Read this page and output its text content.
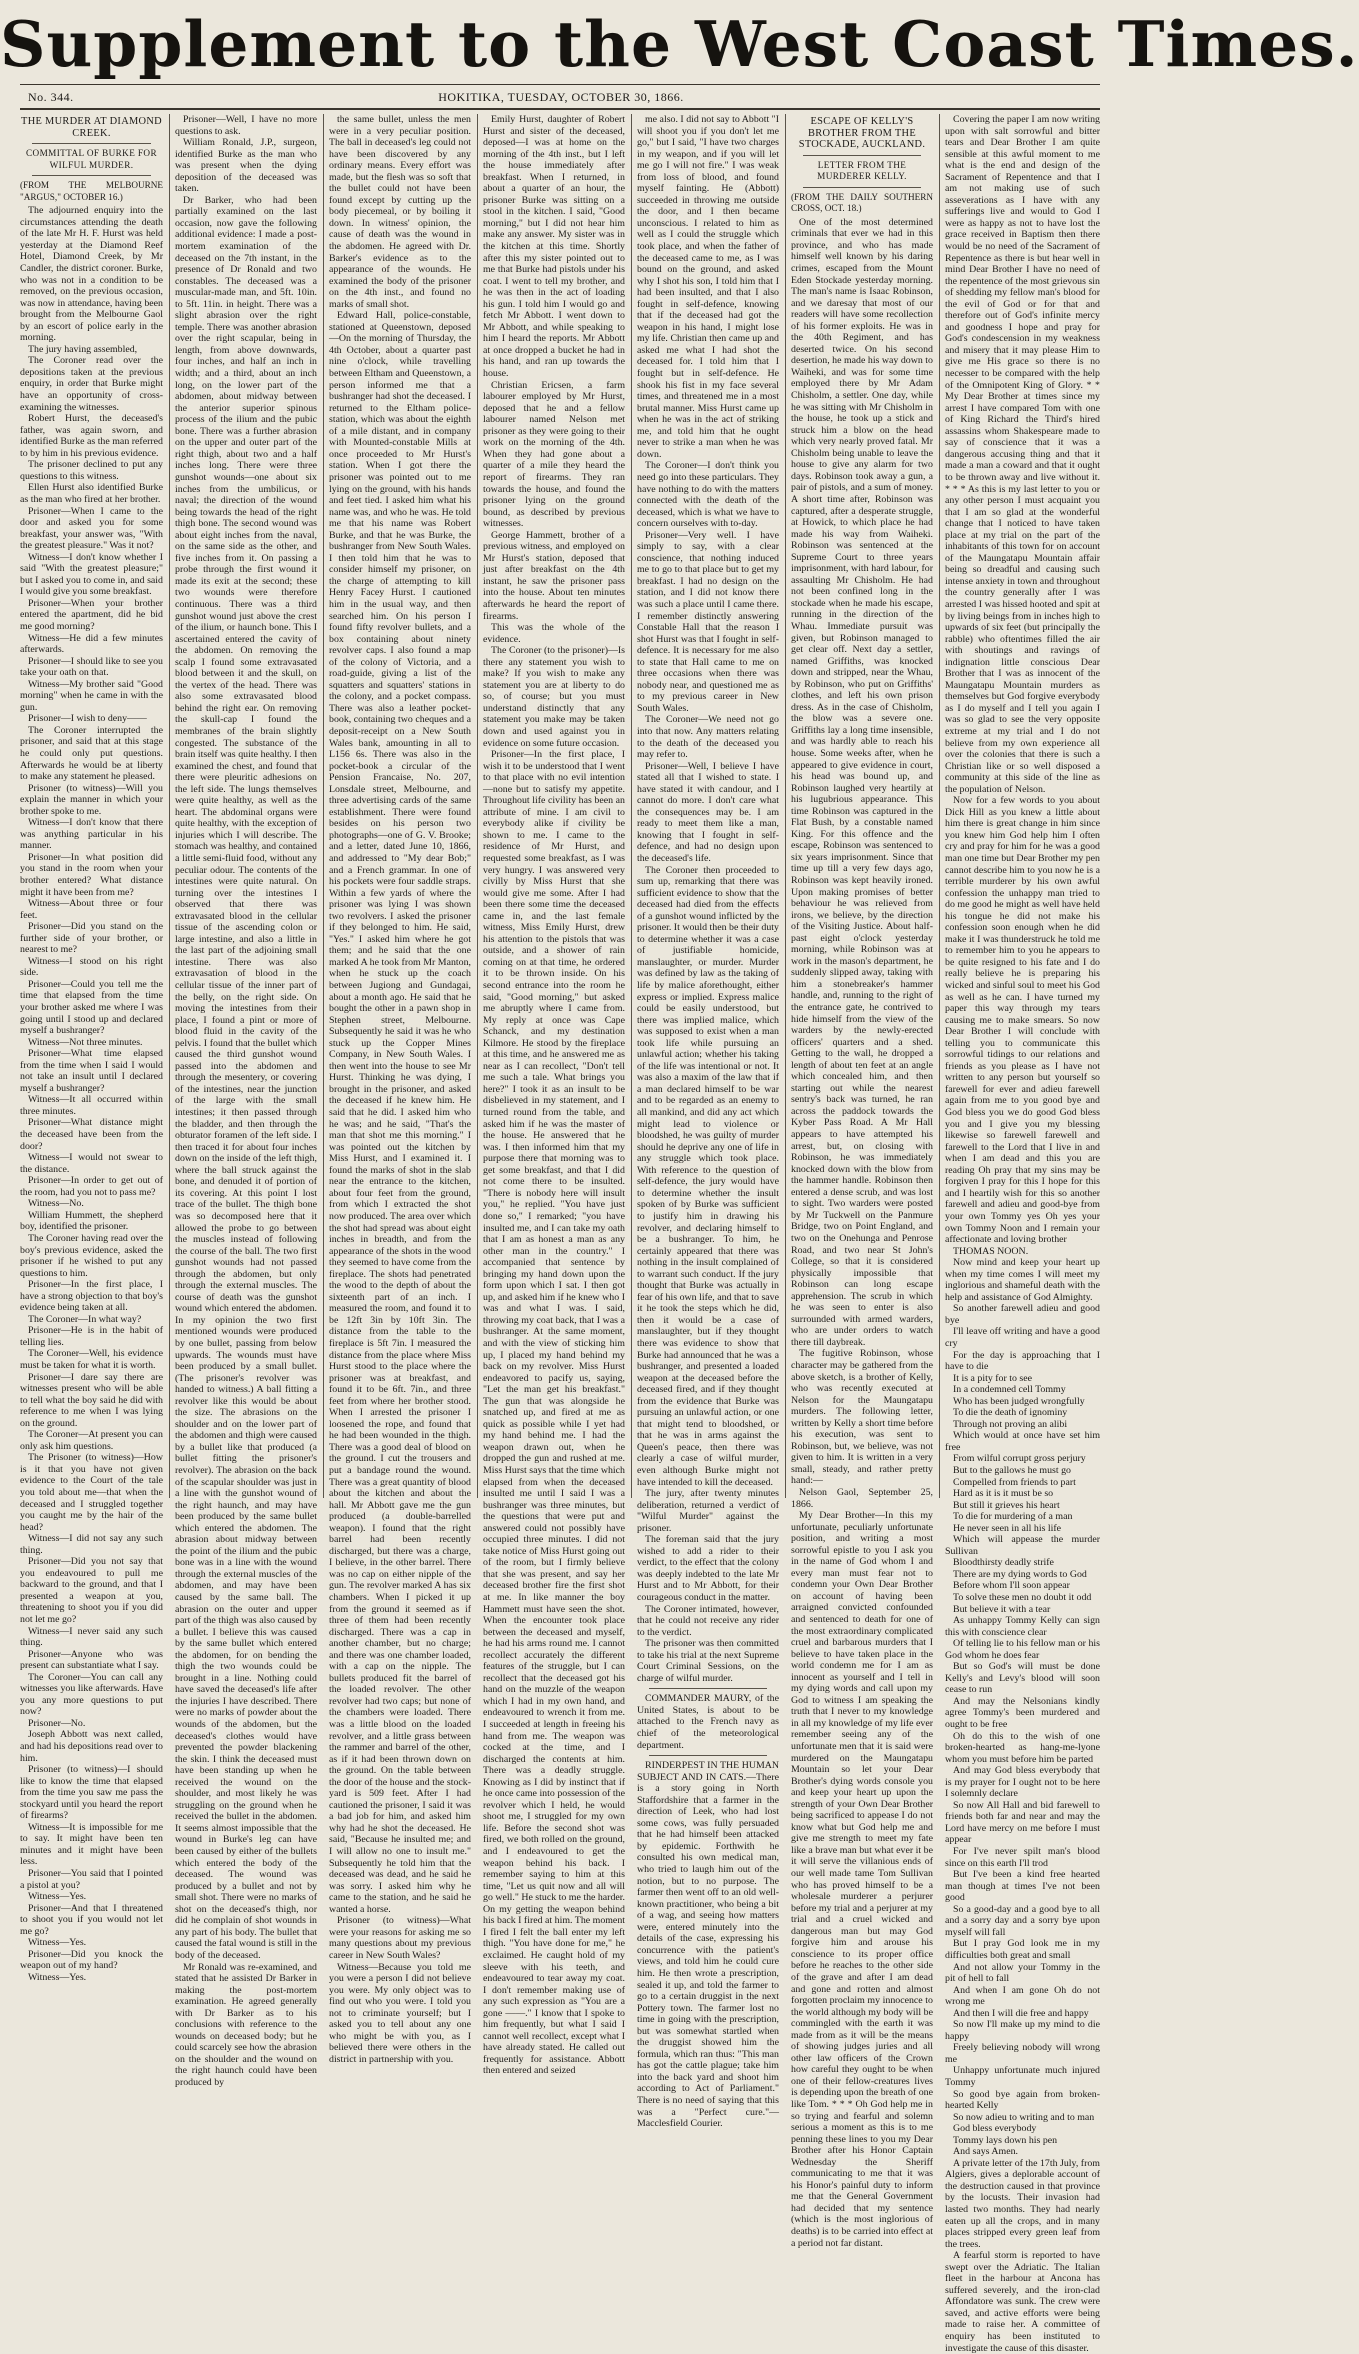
Supplement to the West Coast Times.
No. 344.	HOKITIKA, TUESDAY, OCTOBER 30, 1866.

THE MURDER AT DIAMOND CREEK.

COMMITTAL OF BURKE FOR WILFUL MURDER.

(FROM THE MELBOURNE "ARGUS," OCTOBER 16.)

The adjourned enquiry into the circumstances attending the death of the late Mr H. F. Hurst was held yesterday at the Diamond Reef Hotel, Diamond Creek, by Mr Candler, the district coroner. Burke, who was not in a condition to be removed, on the previous occasion, was now in attendance, having been brought from the Melbourne Gaol by an escort of police early in the morning.

The jury having assembled,

The Coroner read over the depositions taken at the previous enquiry, in order that Burke might have an opportunity of cross-examining the witnesses.

Robert Hurst, the deceased's father, was again sworn, and identified Burke as the man referred to by him in his previous evidence.

The prisoner declined to put any questions to this witness.

Ellen Hurst also identified Burke as the man who fired at her brother.

Prisoner—When I came to the door and asked you for some breakfast, your answer was, "With the greatest pleasure." Was it not?

Witness—I don't know whether I said "With the greatest pleasure;" but I asked you to come in, and said I would give you some breakfast.

Prisoner—When your brother entered the apartment, did he bid me good morning?

Witness—He did a few minutes afterwards.

Prisoner—I should like to see you take your oath on that.

Witness—My brother said "Good morning" when he came in with the gun.

Prisoner—I wish to deny——

The Coroner interrupted the prisoner, and said that at this stage he could only put questions. Afterwards he would be at liberty to make any statement he pleased.

Prisoner (to witness)—Will you explain the manner in which your brother spoke to me.

Witness—I don't know that there was anything particular in his manner.

Prisoner—In what position did you stand in the room when your brother entered? What distance might it have been from me?

Witness—About three or four feet.

Prisoner—Did you stand on the further side of your brother, or nearest to me?

Witness—I stood on his right side.

Prisoner—Could you tell me the time that elapsed from the time your brother asked me where I was going until I stood up and declared myself a bushranger?

Witness—Not three minutes.

Prisoner—What time elapsed from the time when I said I would not take an insult until I declared myself a bushranger?

Witness—It all occurred within three minutes.

Prisoner—What distance might the deceased have been from the door?

Witness—I would not swear to the distance.

Prisoner—In order to get out of the room, had you not to pass me?

Witness—No.

William Hummett, the shepherd boy, identified the prisoner.

The Coroner having read over the boy's previous evidence, asked the prisoner if he wished to put any questions to him.

Prisoner—In the first place, I have a strong objection to that boy's evidence being taken at all.

The Coroner—In what way?

Prisoner—He is in the habit of telling lies.

The Coroner—Well, his evidence must be taken for what it is worth.

Prisoner—I dare say there are witnesses present who will be able to tell what the boy said he did with reference to me when I was lying on the ground.

The Coroner—At present you can only ask him questions.

The Prisoner (to witness)—How is it that you have not given evidence to the Court of the tale you told about me—that when the deceased and I struggled together you caught me by the hair of the head?

Witness—I did not say any such thing.

Prisoner—Did you not say that you endeavoured to pull me backward to the ground, and that I presented a weapon at you, threatening to shoot you if you did not let me go?

Witness—I never said any such thing.

Prisoner—Anyone who was present can substantiate what I say.

The Coroner—You can call any witnesses you like afterwards. Have you any more questions to put now?

Prisoner—No.

Joseph Abbott was next called, and had his depositions read over to him.

Prisoner (to witness)—I should like to know the time that elapsed from the time you saw me pass the stockyard until you heard the report of firearms?

Witness—It is impossible for me to say. It might have been ten minutes and it might have been less.

Prisoner—You said that I pointed a pistol at you?

Witness—Yes.

Prisoner—And that I threatened to shoot you if you would not let me go?

Witness—Yes.

Prisoner—Did you knock the weapon out of my hand?

Witness—Yes.

Prisoner—Well, I have no more questions to ask.

William Ronald, J.P., surgeon, identified Burke as the man who was present when the dying deposition of the deceased was taken.

Dr Barker, who had been partially examined on the last occasion, now gave the following additional evidence: I made a post-mortem examination of the deceased on the 7th instant, in the presence of Dr Ronald and two constables. The deceased was a muscular-made man, and 5ft. 10in. to 5ft. 11in. in height. There was a slight abrasion over the right temple. There was another abrasion over the right scapular, being in length, from above downwards, four inches, and half an inch in width; and a third, about an inch long, on the lower part of the abdomen, about midway between the anterior superior spinous process of the ilium and the pubic bone. There was a further abrasion on the upper and outer part of the right thigh, about two and a half inches long. There were three gunshot wounds—one about six inches from the umbilicus, or naval; the direction of the wound being towards the head of the right thigh bone. The second wound was about eight inches from the naval, on the same side as the other, and five inches from it. On passing a probe through the first wound it made its exit at the second; these two wounds were therefore continuous. There was a third gunshot wound just above the crest of the ilium, or haunch bone. This I ascertained entered the cavity of the abdomen. On removing the scalp I found some extravasated blood between it and the skull, on the vertex of the head. There was also some extravasated blood behind the right ear. On removing the skull-cap I found the membranes of the brain slightly congested. The substance of the brain itself was quite healthy. I then examined the chest, and found that there were pleuritic adhesions on the left side. The lungs themselves were quite healthy, as well as the heart. The abdominal organs were quite healthy, with the exception of injuries which I will describe. The stomach was healthy, and contained a little semi-fluid food, without any peculiar odour. The contents of the intestines were quite natural. On turning over the intestines I observed that there was extravasated blood in the cellular tissue of the ascending colon or large intestine, and also a little in the last part of the adjoining small intestine. There was also extravasation of blood in the cellular tissue of the inner part of the belly, on the right side. On moving the intestines from their place, I found a pint or more of blood fluid in the cavity of the pelvis. I found that the bullet which caused the third gunshot wound passed into the abdomen and through the mesentery, or covering of the intestines, near the junction of the large with the small intestines; it then passed through the bladder, and then through the obturator foramen of the left side. I then traced it for about four inches down on the inside of the left thigh, where the ball struck against the bone, and denuded it of portion of its covering. At this point I lost trace of the bullet. The thigh bone was so decomposed here that it allowed the probe to go between the muscles instead of following the course of the ball. The two first gunshot wounds had not passed through the abdomen, but only through the external muscles. The course of death was the gunshot wound which entered the abdomen. In my opinion the two first mentioned wounds were produced by one bullet, passing from below upwards. The wounds must have been produced by a small bullet. (The prisoner's revolver was handed to witness.) A ball fitting a revolver like this would be about the size. The abrasions on the shoulder and on the lower part of the abdomen and thigh were caused by a bullet like that produced (a bullet fitting the prisoner's revolver). The abrasion on the back of the scapular shoulder was just in a line with the gunshot wound of the right haunch, and may have been produced by the same bullet which entered the abdomen. The abrasion about midway between the point of the ilium and the pubic bone was in a line with the wound through the external muscles of the abdomen, and may have been caused by the same ball. The abrasion on the outer and upper part of the thigh was also caused by a bullet. I believe this was caused by the same bullet which entered the abdomen, for on bending the thigh the two wounds could be brought in a line. Nothing could have saved the deceased's life after the injuries I have described. There were no marks of powder about the wounds of the abdomen, but the deceased's clothes would have prevented the powder blackening the skin. I think the deceased must have been standing up when he received the wound on the shoulder, and most likely he was struggling on the ground when he received the bullet in the abdomen. It seems almost impossible that the wound in Burke's leg can have been caused by either of the bullets which entered the body of the deceased. The wound was produced by a bullet and not by small shot. There were no marks of shot on the deceased's thigh, nor did he complain of shot wounds in any part of his body. The bullet that caused the fatal wound is still in the body of the deceased.

Mr Ronald was re-examined, and stated that he assisted Dr Barker in making the post-mortem examination. He agreed generally with Dr Barker as to his conclusions with reference to the wounds on deceased body; but he could scarcely see how the abrasion on the shoulder and the wound on the right haunch could have been produced by

the same bullet, unless the men were in a very peculiar position. The ball in deceased's leg could not have been discovered by any ordinary means. Every effort was made, but the flesh was so soft that the bullet could not have been found except by cutting up the body piecemeal, or by boiling it down. In witness' opinion, the cause of death was the wound in the abdomen. He agreed with Dr. Barker's evidence as to the appearance of the wounds. He examined the body of the prisoner on the 4th inst., and found no marks of small shot.

Edward Hall, police-constable, stationed at Queenstown, deposed—On the morning of Thursday, the 4th October, about a quarter past nine o'clock, while travelling between Eltham and Queenstown, a person informed me that a bushranger had shot the deceased. I returned to the Eltham police-station, which was about the eighth of a mile distant, and in company with Mounted-constable Mills at once proceeded to Mr Hurst's station. When I got there the prisoner was pointed out to me lying on the ground, with his hands and feet tied. I asked him what his name was, and who he was. He told me that his name was Robert Burke, and that he was Burke, the bushranger from New South Wales. I then told him that he was to consider himself my prisoner, on the charge of attempting to kill Henry Facey Hurst. I cautioned him in the usual way, and then searched him. On his person I found fifty revolver bullets, and a box containing about ninety revolver caps. I also found a map of the colony of Victoria, and a road-guide, giving a list of the squatters and squatters' stations in the colony, and a pocket compass. There was also a leather pocket-book, containing two cheques and a deposit-receipt on a New South Wales bank, amounting in all to L156 6s. There was also in the pocket-book a circular of the Pension Francaise, No. 207, Lonsdale street, Melbourne, and three advertising cards of the same establishment. There were found besides on his person two photographs—one of G. V. Brooke; and a letter, dated June 10, 1866, and addressed to "My dear Bob;" and a French grammar. In one of his pockets were four saddle straps. Within a few yards of where the prisoner was lying I was shown two revolvers. I asked the prisoner if they belonged to him. He said, "Yes." I asked him where he got them; and he said that the one marked A he took from Mr Manton, when he stuck up the coach between Jugiong and Gundagai, about a month ago. He said that he bought the other in a pawn shop in Stephen street, Melbourne. Subsequently he said it was he who stuck up the Copper Mines Company, in New South Wales. I then went into the house to see Mr Hurst. Thinking he was dying, I brought in the prisoner, and asked the deceased if he knew him. He said that he did. I asked him who he was; and he said, "That's the man that shot me this morning." I was pointed out the kitchen by Miss Hurst, and I examined it. I found the marks of shot in the slab near the entrance to the kitchen, about four feet from the ground, from which I extracted the shot now produced. The area over which the shot had spread was about eight inches in breadth, and from the appearance of the shots in the wood they seemed to have come from the fireplace. The shots had penetrated the wood to the depth of about the sixteenth part of an inch. I measured the room, and found it to be 12ft 3in by 10ft 3in. The distance from the table to the fireplace is 5ft 7in. I measured the distance from the place where Miss Hurst stood to the place where the prisoner was at breakfast, and found it to be 6ft. 7in., and three feet from where her brother stood. When I arrested the prisoner I loosened the rope, and found that he had been wounded in the thigh. There was a good deal of blood on the ground. I cut the trousers and put a bandage round the wound. There was a great quantity of blood about the kitchen and about the hall. Mr Abbott gave me the gun produced (a double-barrelled weapon). I found that the right barrel had been recently discharged, but there was a charge, I believe, in the other barrel. There was no cap on either nipple of the gun. The revolver marked A has six chambers. When I picked it up from the ground it seemed as if three of them had been recently discharged. There was a cap in another chamber, but no charge; and there was one chamber loaded, with a cap on the nipple. The bullets produced fit the barrel of the loaded revolver. The other revolver had two caps; but none of the chambers were loaded. There was a little blood on the loaded revolver, and a little grass between the rammer and barrel of the other, as if it had been thrown down on the ground. On the table between the door of the house and the stock-yard is 509 feet. After I had cautioned the prisoner, I said it was a bad job for him, and asked him why had he shot the deceased. He said, "Because he insulted me; and I will allow no one to insult me." Subsequently he told him that the deceased was dead, and he said he was sorry. I asked him why he came to the station, and he said he wanted a horse.

Prisoner (to witness)—What were your reasons for asking me so many questions about my previous career in New South Wales?

Witness—Because you told me you were a person I did not believe you were. My only object was to find out who you were. I told you not to criminate yourself; but I asked you to tell about any one who might be with you, as I believed there were others in the district in partnership with you.

Emily Hurst, daughter of Robert Hurst and sister of the deceased, deposed—I was at home on the morning of the 4th inst., but I left the house immediately after breakfast. When I returned, in about a quarter of an hour, the prisoner Burke was sitting on a stool in the kitchen. I said, "Good morning," but I did not hear him make any answer. My sister was in the kitchen at this time. Shortly after this my sister pointed out to me that Burke had pistols under his coat. I went to tell my brother, and he was then in the act of loading his gun. I told him I would go and fetch Mr Abbott. I went down to Mr Abbott, and while speaking to him I heard the reports. Mr Abbott at once dropped a bucket he had in his hand, and ran up towards the house.

Christian Ericsen, a farm labourer employed by Mr Hurst, deposed that he and a fellow labourer named Nelson met prisoner as they were going to their work on the morning of the 4th. When they had gone about a quarter of a mile they heard the report of firearms. They ran towards the house, and found the prisoner lying on the ground bound, as described by previous witnesses.

George Hammett, brother of a previous witness, and employed on Mr Hurst's station, deposed that just after breakfast on the 4th instant, he saw the prisoner pass into the house. About ten minutes afterwards he heard the report of firearms.

This was the whole of the evidence.

The Coroner (to the prisoner)—Is there any statement you wish to make? If you wish to make any statement you are at liberty to do so, of course; but you must understand distinctly that any statement you make may be taken down and used against you in evidence on some future occasion.

Prisoner—In the first place, I wish it to be understood that I went to that place with no evil intention—none but to satisfy my appetite. Throughout life civility has been an attribute of mine. I am civil to everybody alike if civility be shown to me. I came to the residence of Mr Hurst, and requested some breakfast, as I was very hungry. I was answered very civilly by Miss Hurst that she would give me some. After I had been there some time the deceased came in, and the last female witness, Miss Emily Hurst, drew his attention to the pistols that was outside, and a shower of rain coming on at that time, he ordered it to be thrown inside. On his second entrance into the room he said, "Good morning," but asked me abruptly where I came from. My reply at once was Cape Schanck, and my destination Kilmore. He stood by the fireplace at this time, and he answered me as near as I can recollect, "Don't tell me such a tale. What brings you here?" I took it as an insult to be disbelieved in my statement, and I turned round from the table, and asked him if he was the master of the house. He answered that he was. I then informed him that my purpose there that morning was to get some breakfast, and that I did not come there to be insulted. "There is nobody here will insult you," he replied. "You have just done so," I remarked; "you have insulted me, and I can take my oath that I am as honest a man as any other man in the country." I accompanied that sentence by bringing my hand down upon the form upon which I sat. I then got up, and asked him if he knew who I was and what I was. I said, throwing my coat back, that I was a bushranger. At the same moment, and with the view of sticking him up, I placed my hand behind my back on my revolver. Miss Hurst endeavored to pacify us, saying, "Let the man get his breakfast." The gun that was alongside he snatched up, and fired at me as quick as possible while I yet had my hand behind me. I had the weapon drawn out, when he dropped the gun and rushed at me. Miss Hurst says that the time which elapsed from when the deceased insulted me until I said I was a bushranger was three minutes, but the questions that were put and answered could not possibly have occupied three minutes. I did not take notice of Miss Hurst going out of the room, but I firmly believe that she was present, and say her deceased brother fire the first shot at me. In like manner the boy Hammett must have seen the shot. When the encounter took place between the deceased and myself, he had his arms round me. I cannot recollect accurately the different features of the struggle, but I can recollect that the deceased got his hand on the muzzle of the weapon which I had in my own hand, and endeavoured to wrench it from me. I succeeded at length in freeing his hand from me. The weapon was cocked at the time, and I discharged the contents at him. There was a deadly struggle. Knowing as I did by instinct that if he once came into possession of the revolver which I held, he would shoot me, I struggled for my own life. Before the second shot was fired, we both rolled on the ground, and I endeavoured to get the weapon behind his back. I remember saying to him at this time, "Let us quit now and all will go well." He stuck to me the harder. On my getting the weapon behind his back I fired at him. The moment I fired I felt the ball enter my left thigh. "You have done for me," he exclaimed. He caught hold of my sleeve with his teeth, and endeavoured to tear away my coat. I don't remember making use of any such expression as "You are a gone ——." I know that I spoke to him frequently, but what I said I cannot well recollect, except what I have already stated. He called out frequently for assistance. Abbott then entered and seized

me also. I did not say to Abbott "I will shoot you if you don't let me go," but I said, "I have two charges in my weapon, and if you will let me go I will not fire." I was weak from loss of blood, and found myself fainting. He (Abbott) succeeded in throwing me outside the door, and I then became unconscious. I related to him as well as I could the struggle which took place, and when the father of the deceased came to me, as I was bound on the ground, and asked why I shot his son, I told him that I had been insulted, and that I also fought in self-defence, knowing that if the deceased had got the weapon in his hand, I might lose my life. Christian then came up and asked me what I had shot the deceased for. I told him that I fought but in self-defence. He shook his fist in my face several times, and threatened me in a most brutal manner. Miss Hurst came up when he was in the act of striking me, and told him that he ought never to strike a man when he was down.

The Coroner—I don't think you need go into these particulars. They have nothing to do with the matters connected with the death of the deceased, which is what we have to concern ourselves with to-day.

Prisoner—Very well. I have simply to say, with a clear conscience, that nothing induced me to go to that place but to get my breakfast. I had no design on the station, and I did not know there was such a place until I came there. I remember distinctly answering Constable Hall that the reason I shot Hurst was that I fought in self-defence. It is necessary for me also to state that Hall came to me on three occasions when there was nobody near, and questioned me as to my previous career in New South Wales.

The Coroner—We need not go into that now. Any matters relating to the death of the deceased you may refer to.

Prisoner—Well, I believe I have stated all that I wished to state. I have stated it with candour, and I cannot do more. I don't care what the consequences may be. I am ready to meet them like a man, knowing that I fought in self-defence, and had no design upon the deceased's life.

The Coroner then proceeded to sum up, remarking that there was sufficient evidence to show that the deceased had died from the effects of a gunshot wound inflicted by the prisoner. It would then be their duty to determine whether it was a case of justifiable homicide, manslaughter, or murder. Murder was defined by law as the taking of life by malice aforethought, either express or implied. Express malice could be easily understood, but there was implied malice, which was supposed to exist when a man took life while pursuing an unlawful action; whether his taking of the life was intentional or not. It was also a maxim of the law that if a man declared himself to be war and to be regarded as an enemy to all mankind, and did any act which might lead to violence or bloodshed, he was guilty of murder should he deprive any one of life in any struggle which took place. With reference to the question of self-defence, the jury would have to determine whether the insult spoken of by Burke was sufficient to justify him in drawing his revolver, and declaring himself to be a bushranger. To him, he certainly appeared that there was nothing in the insult complained of to warrant such conduct. If the jury thought that Burke was actually in fear of his own life, and that to save it he took the steps which he did, then it would be a case of manslaughter, but if they thought there was evidence to show that Burke had announced that he was a bushranger, and presented a loaded weapon at the deceased before the deceased fired, and if they thought from the evidence that Burke was pursuing an unlawful action, or one that might tend to bloodshed, or that he was in arms against the Queen's peace, then there was clearly a case of wilful murder, even although Burke might not have intended to kill the deceased.

The jury, after twenty minutes deliberation, returned a verdict of "Wilful Murder" against the prisoner.

The foreman said that the jury wished to add a rider to their verdict, to the effect that the colony was deeply indebted to the late Mr Hurst and to Mr Abbott, for their courageous conduct in the matter.

The Coroner intimated, however, that he could not receive any rider to the verdict.

The prisoner was then committed to take his trial at the next Supreme Court Criminal Sessions, on the charge of wilful murder.

COMMANDER MAURY, of the United States, is about to be attached to the French navy as chief of the meteorological department.

RINDERPEST IN THE HUMAN SUBJECT AND IN CATS.—There is a story going in North Staffordshire that a farmer in the direction of Leek, who had lost some cows, was fully persuaded that he had himself been attacked by epidemic. Forthwith he consulted his own medical man, who tried to laugh him out of the notion, but to no purpose. The farmer then went off to an old well-known practitioner, who being a bit of a wag, and seeing how matters were, entered minutely into the details of the case, expressing his concurrence with the patient's views, and told him he could cure him. He then wrote a prescription, sealed it up, and told the farmer to go to a certain druggist in the next Pottery town. The farmer lost no time in going with the prescription, but was somewhat startled when the druggist showed him the formula, which ran thus: "This man has got the cattle plague; take him into the back yard and shoot him according to Act of Parliament." There is no need of saying that this was a "Perfect cure."—Macclesfield Courier.

ESCAPE OF KELLY'S BROTHER FROM THE STOCKADE, AUCKLAND.

LETTER FROM THE MURDERER KELLY.

(FROM THE DAILY SOUTHERN CROSS, OCT. 18.)

One of the most determined criminals that ever we had in this province, and who has made himself well known by his daring crimes, escaped from the Mount Eden Stockade yesterday morning. The man's name is Isaac Robinson, and we daresay that most of our readers will have some recollection of his former exploits. He was in the 40th Regiment, and has deserted twice. On his second desertion, he made his way down to Waiheki, and was for some time employed there by Mr Adam Chisholm, a settler. One day, while he was sitting with Mr Chisholm in the house, he took up a stick and struck him a blow on the head which very nearly proved fatal. Mr Chisholm being unable to leave the house to give any alarm for two days. Robinson took away a gun, a pair of pistols, and a sum of money. A short time after, Robinson was captured, after a desperate struggle, at Howick, to which place he had made his way from Waiheki. Robinson was sentenced at the Supreme Court to three years imprisonment, with hard labour, for assaulting Mr Chisholm. He had not been confined long in the stockade when he made his escape, running in the direction of the Whau. Immediate pursuit was given, but Robinson managed to get clear off. Next day a settler, named Griffiths, was knocked down and stripped, near the Whau, by Robinson, who put on Griffiths' clothes, and left his own prison dress. As in the case of Chisholm, the blow was a severe one. Griffiths lay a long time insensible, and was hardly able to reach his house. Some weeks after, when he appeared to give evidence in court, his head was bound up, and Robinson laughed very heartily at his lugubrious appearance. This time Robinson was captured in the Flat Bush, by a constable named King. For this offence and the escape, Robinson was sentenced to six years imprisonment. Since that time up till a very few days ago, Robinson was kept heavily ironed. Upon making promises of better behaviour he was relieved from irons, we believe, by the direction of the Visiting Justice. About half-past eight o'clock yesterday morning, while Robinson was at work in the mason's department, he suddenly slipped away, taking with him a stonebreaker's hammer handle, and, running to the right of the entrance gate, he contrived to hide himself from the view of the warders by the newly-erected officers' quarters and a shed. Getting to the wall, he dropped a length of about ten feet at an angle which concealed him, and then starting out while the nearest sentry's back was turned, he ran across the paddock towards the Kyber Pass Road. A Mr Hall appears to have attempted his arrest, but, on closing with Robinson, he was immediately knocked down with the blow from the hammer handle. Robinson then entered a dense scrub, and was lost to sight. Two warders were posted by Mr Tuckwell on the Panmure Bridge, two on Point England, and two on the Onehunga and Penrose Road, and two near St John's College, so that it is considered physically impossible that Robinson can long escape apprehension. The scrub in which he was seen to enter is also surrounded with armed warders, who are under orders to watch there till daybreak.

The fugitive Robinson, whose character may be gathered from the above sketch, is a brother of Kelly, who was recently executed at Nelson for the Maungatapu murders. The following letter, written by Kelly a short time before his execution, was sent to Robinson, but, we believe, was not given to him. It is written in a very small, steady, and rather pretty hand:—

Nelson Gaol, September 25, 1866.

My Dear Brother—In this my unfortunate, peculiarly unfortunate position, and writing a most sorrowful epistle to you I ask you in the name of God whom I and every man must fear not to condemn your Own Dear Brother on account of having been arraigned convicted confounded and sentenced to death for one of the most extraordinary complicated cruel and barbarous murders that I believe to have taken place in the world condemn me for I am as innocent as yourself and I tell in my dying words and call upon my God to witness I am speaking the truth that I never to my knowledge in all my knowledge of my life ever remember seeing any of the unfortunate men that it is said were murdered on the Maungatapu Mountain so let your Dear Brother's dying words console you and keep your heart up upon the strength of your Own Dear Brother being sacrificed to appease I do not know what but God help me and give me strength to meet my fate like a brave man but what ever it be it will serve the villanious ends of our well made tame Tom Sullivan who has proved himself to be a wholesale murderer a perjurer before my trial and a perjurer at my trial and a cruel wicked and dangerous man but may God forgive him and arouse his conscience to its proper office before he reaches to the other side of the grave and after I am dead and gone and rotten and almost forgotten proclaim my innocence to the world although my body will be commingled with the earth it was made from as it will be the means of showing judges juries and all other law officers of the Crown how careful they ought to be when one of their fellow-creatures lives is depending upon the breath of one like Tom. * * * Oh God help me in so trying and fearful and solemn serious a moment as this is to me penning these lines to you my Dear Brother after his Honor Captain Wednesday the Sheriff communicating to me that it was his Honor's painful duty to inform me that the General Government had decided that my sentence (which is the most inglorious of deaths) is to be carried into effect at a period not far distant.

Covering the paper I am now writing upon with salt sorrowful and bitter tears and Dear Brother I am quite sensible at this awful moment to me what is the end and design of the Sacrament of Repentence and that I am not making use of such asseverations as I have with any sufferings live and would to God I were as happy as not to have lost the grace received in Baptism then there would be no need of the Sacrament of Repentence as there is but hear well in mind Dear Brother I have no need of the repentence of the most grievous sin of shedding my fellow man's blood for the evil of God or for that and therefore out of God's infinite mercy and goodness I hope and pray for God's condescension in my weakness and misery that it may please Him to give me His grace so there is no necesser to be compared with the help of the Omnipotent King of Glory. * * My Dear Brother at times since my arrest I have compared Tom with one of King Richard the Third's hired assassins whom Shakespeare made to say of conscience that it was a dangerous accusing thing and that it made a man a coward and that it ought to be thrown away and live without it. * * * As this is my last letter to you or any other person I must acquaint you that I am so glad at the wonderful change that I noticed to have taken place at my trial on the part of the inhabitants of this town for on account of the Maungatapu Mountain affair being so dreadful and causing such intense anxiety in town and throughout the country generally after I was arrested I was hissed hooted and spit at by living beings from in inches high to upwards of six feet (but principally the rabble) who oftentimes filled the air with shoutings and ravings of indignation little conscious Dear Brother that I was as innocent of the Maungatapu Mountain murders as themselves but God forgive everybody as I do myself and I tell you again I was so glad to see the very opposite extreme at my trial and I do not believe from my own experience all over the colonies that there is such a Christian like or so well disposed a community at this side of the line as the population of Nelson.

Now for a few words to you about Dick Hill as you knew a little about him there is great change in him since you knew him God help him I often cry and pray for him for he was a good man one time but Dear Brother my pen cannot describe him to you now he is a terrible murderer by his own awful confession the unhappy man tried to do me good he might as well have held his tongue he did not make his confession soon enough when he did make it I was thunderstruck he told me to remember him to you he appears to be quite resigned to his fate and I do really believe he is preparing his wicked and sinful soul to meet his God as well as he can. I have turned my paper this way through my tears causing me to make smears. So now Dear Brother I will conclude with telling you to communicate this sorrowful tidings to our relations and friends as you please as I have not written to any person but yourself so farewell for ever and adieu farewell again from me to you good bye and God bless you we do good God bless you and I give you my blessing likewise so farewell farewell and farewell to the Lord that I live in and when I am dead and this you are reading Oh pray that my sins may be forgiven I pray for this I hope for this and I heartily wish for this so another farewell and adieu and good-bye from your own Tommy yes Oh yes your own Tommy Noon and I remain your affectionate and loving brother

THOMAS NOON.

Now mind and keep your heart up when my time comes I will meet my inglorious and shameful death with the help and assistance of God Almighty.

So another farewell adieu and good bye

I'll leave off writing and have a good cry

For the day is approaching that I have to die

It is a pity for to see

In a condemned cell Tommy

Who has been judged wrongfully

To die the death of ignominy

Through not proving an alibi

Which would at once have set him free

From wilful corrupt gross perjury

But to the gallows he must go

Compelled from friends to part

Hard as it is it must be so

But still it grieves his heart

To die for murdering of a man

He never seen in all his life

Which will appease the murder Sullivan

Bloodthirsty deadly strife

There are my dying words to God

Before whom I'll soon appear

To solve these men no doubt it odd

But believe it with a tear

As unhappy Tommy Kelly can sign this with conscience clear

Of telling lie to his fellow man or his God whom he does fear

But so God's will must be done Kelly's and Levy's blood will soon cease to run

And may the Nelsonians kindly agree Tommy's been murdered and ought to be free

Oh do this to the wish of one broken-hearted as hang-me-lyone whom you must before him be parted

And may God bless everybody that is my prayer for I ought not to be here I solemnly declare

So now All Hall and bid farewell to friends both far and near and may the Lord have mercy on me before I must appear

For I've never spilt man's blood since on this earth I'll trod

But I've been a kind free hearted man though at times I've not been good

So a good-day and a good bye to all and a sorry day and a sorry bye upon myself will fall

But I pray God look me in my difficulties both great and small

And not allow your Tommy in the pit of hell to fall

And when I am gone Oh do not wrong me

And then I will die free and happy

So now I'll make up my mind to die happy

Freely believing nobody will wrong me

Unhappy unfortunate much injured Tommy

So good bye again from broken-hearted Kelly

So now adieu to writing and to man

God bless everybody

Tommy lays down his pen

And says Amen.

A private letter of the 17th July, from Algiers, gives a deplorable account of the destruction caused in that province by the locusts. Their invasion had lasted two months. They had nearly eaten up all the crops, and in many places stripped every green leaf from the trees.

A fearful storm is reported to have swept over the Adriatic. The Italian fleet in the harbour at Ancona has suffered severely, and the iron-clad Affondatore was sunk. The crew were saved, and active efforts were being made to raise her. A committee of enquiry has been instituted to investigate the cause of this disaster.
